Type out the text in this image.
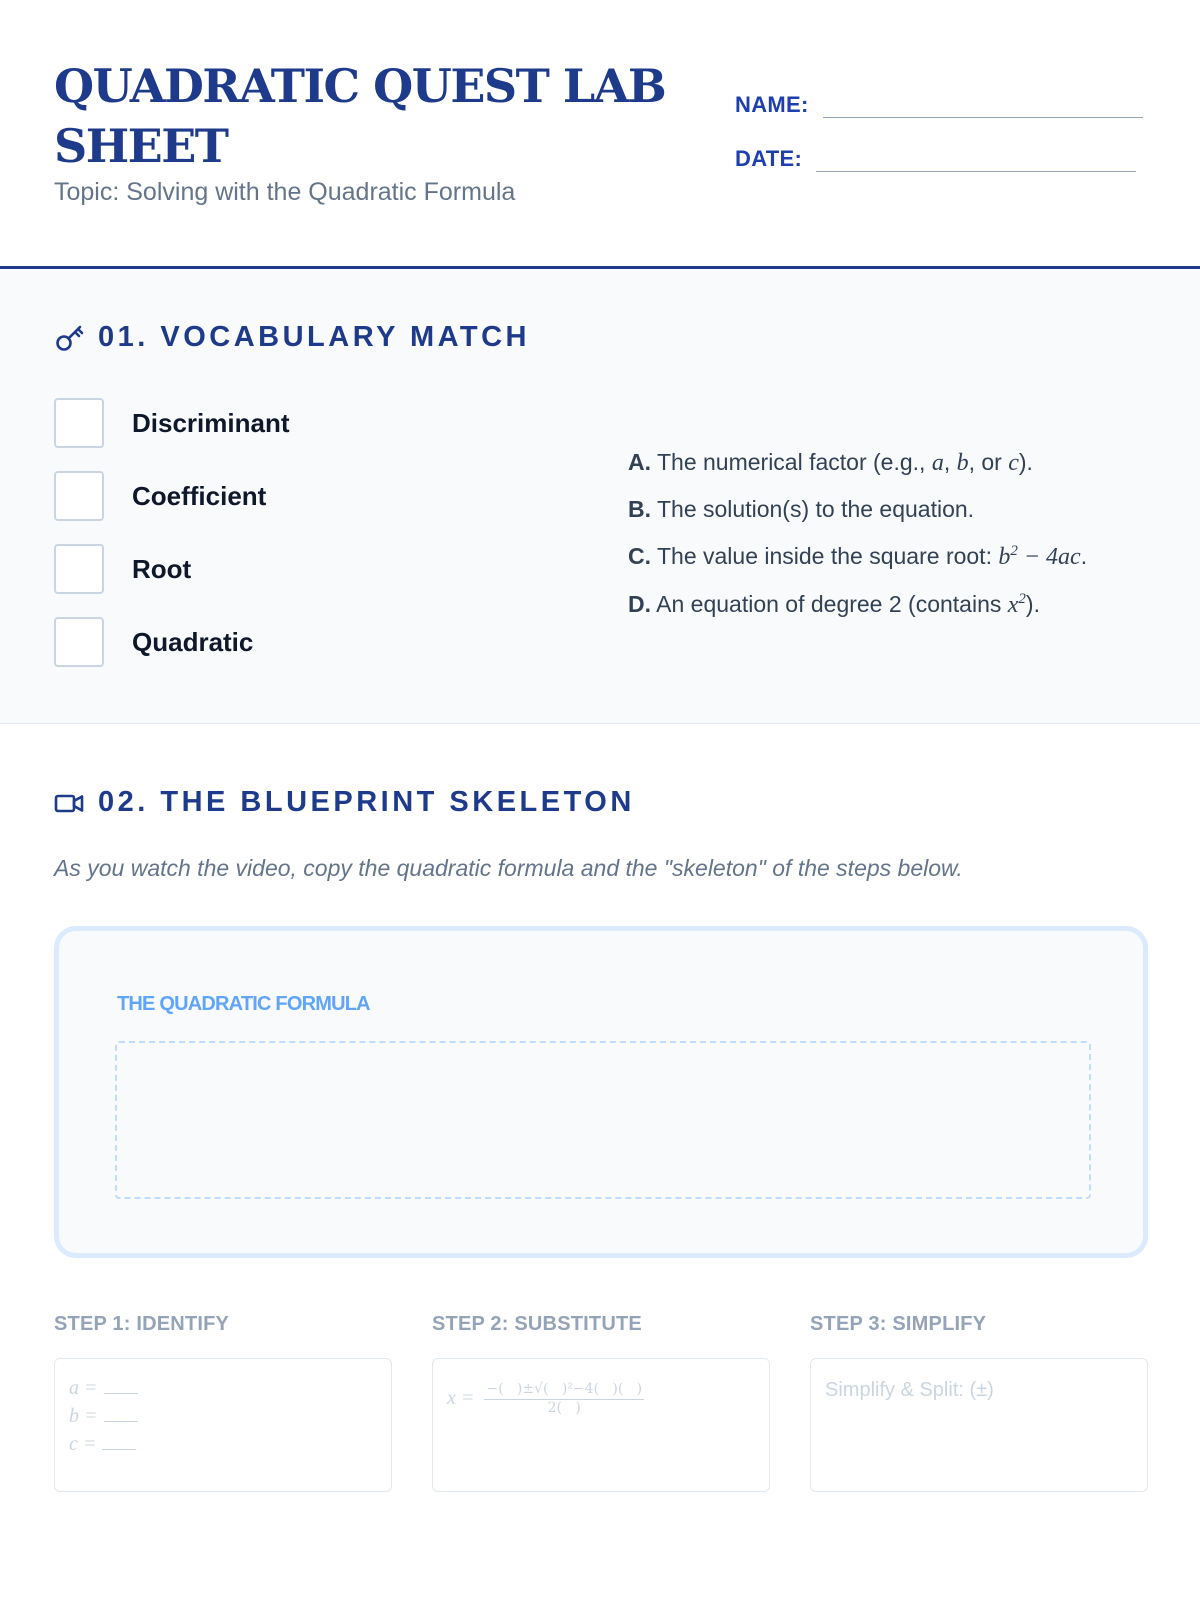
QUADRATIC QUEST LAB SHEET
Topic: Solving with the Quadratic Formula
NAME:
DATE:
01. VOCABULARY MATCH
Discriminant
Coefficient
Root
Quadratic
A. The numerical factor (e.g., a, b, or c).
B. The solution(s) to the equation.
C. The value inside the square root: $b^2 - 4ac$.
D. An equation of degree 2 (contains $x^2$).
02. THE BLUEPRINT SKELETON
As you watch the video, copy the quadratic formula and the "skeleton" of the steps below.
THE QUADRATIC FORMULA
STEP 1: IDENTIFY
a =
b =
c =
STEP 2: SUBSTITUTE
$x = \frac{\text{−(   )±√(   )²−4(   )(   )}}{2( )}$
STEP 3: SIMPLIFY
Simplify & Split: (±)
